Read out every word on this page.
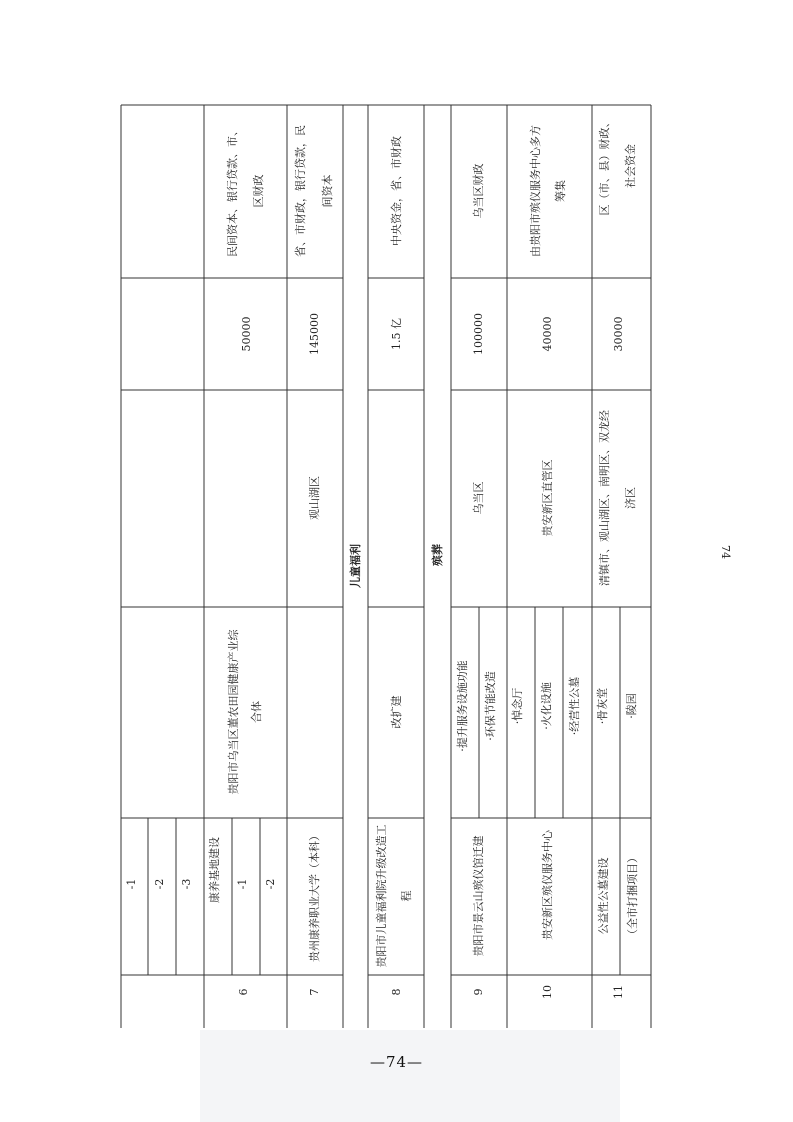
-1 -2 -3
6
康养基地建设 -1 -2
贵阳市乌当区董农田园健康产业综 合体
50000
民间资本、银行贷款、市、 区财政
7
贵州康养职业大学（本科）
观山湖区
145000
省、市财政，银行贷款，民 间资本
儿童福利
8
贵阳市儿童福利院升级改造工 程
改扩建
1.5 亿
中央资金，省、市财政
殡葬
9
贵阳市景云山殡仪馆迁建
·提升服务设施功能 ·环保节能改造
乌当区
100000
乌当区财政
10
贵安新区殡仪服务中心
·悼念厅 ·火化设施 ·经营性公墓
贵安新区直管区
40000
由贵阳市殡仪服务中心多方 筹集
11
公益性公墓建设 （全市打捆项目）
·骨灰堂 ·陵园
清镇市、观山湖区、南明区、双龙经 济区
30000
区（市、县）财政、 社会资金
74
—74—
